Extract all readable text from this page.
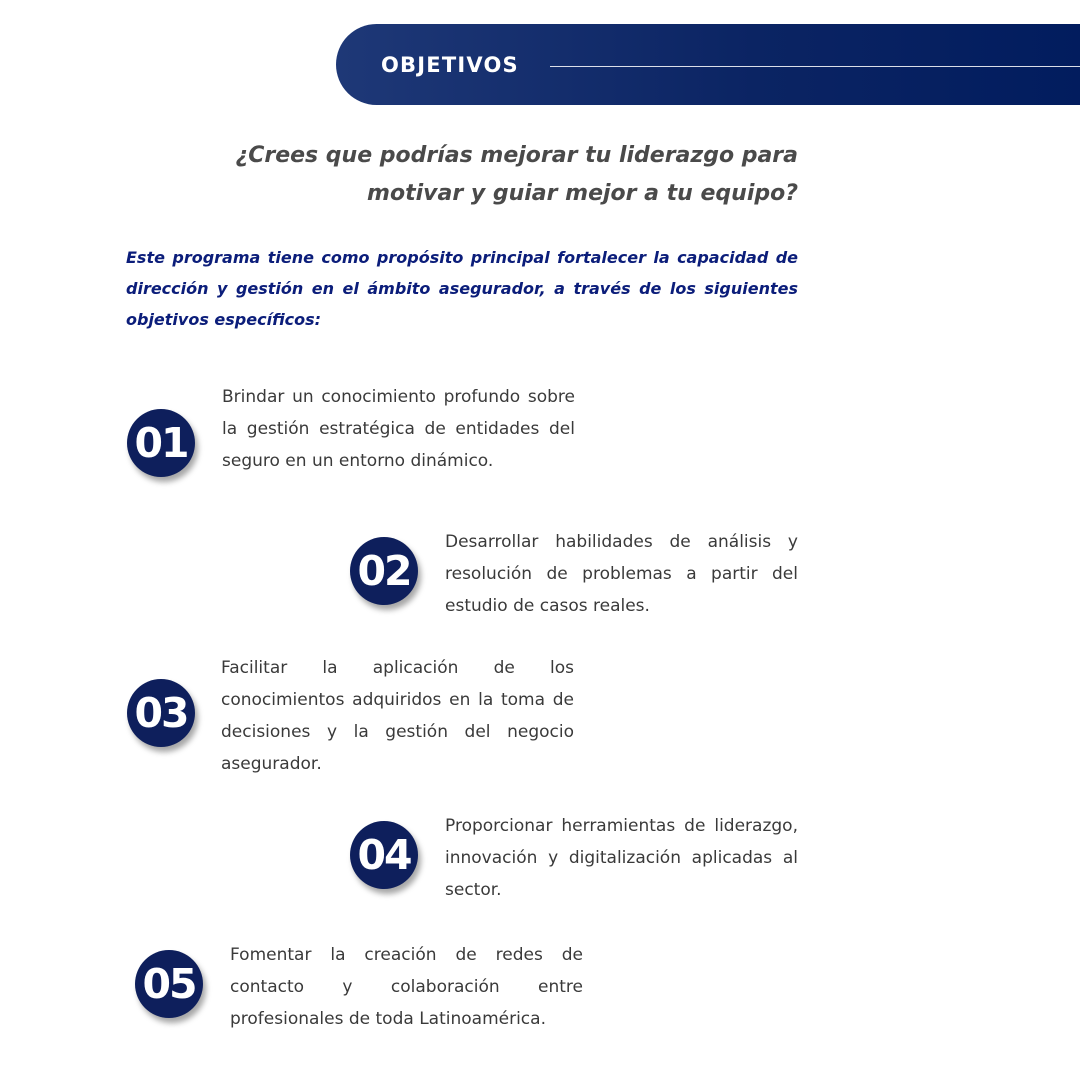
OBJETIVOS
¿Crees que podrías mejorar tu liderazgo para
motivar y guiar mejor a tu equipo?
Este programa tiene como propósito principal fortalecer la capacidad de dirección y gestión en el ámbito asegurador, a través de los siguientes objetivos específicos:
01
Brindar un conocimiento profundo sobre la gestión estratégica de entidades del seguro en un entorno dinámico.
02
Desarrollar habilidades de análisis y resolución de problemas a partir del estudio de casos reales.
03
Facilitar la aplicación de los conocimientos adquiridos en la toma de decisiones y la gestión del negocio asegurador.
04
Proporcionar herramientas de liderazgo, innovación y digitalización aplicadas al sector.
05
Fomentar la creación de redes de contacto y colaboración entre profesionales de toda Latinoamérica.
